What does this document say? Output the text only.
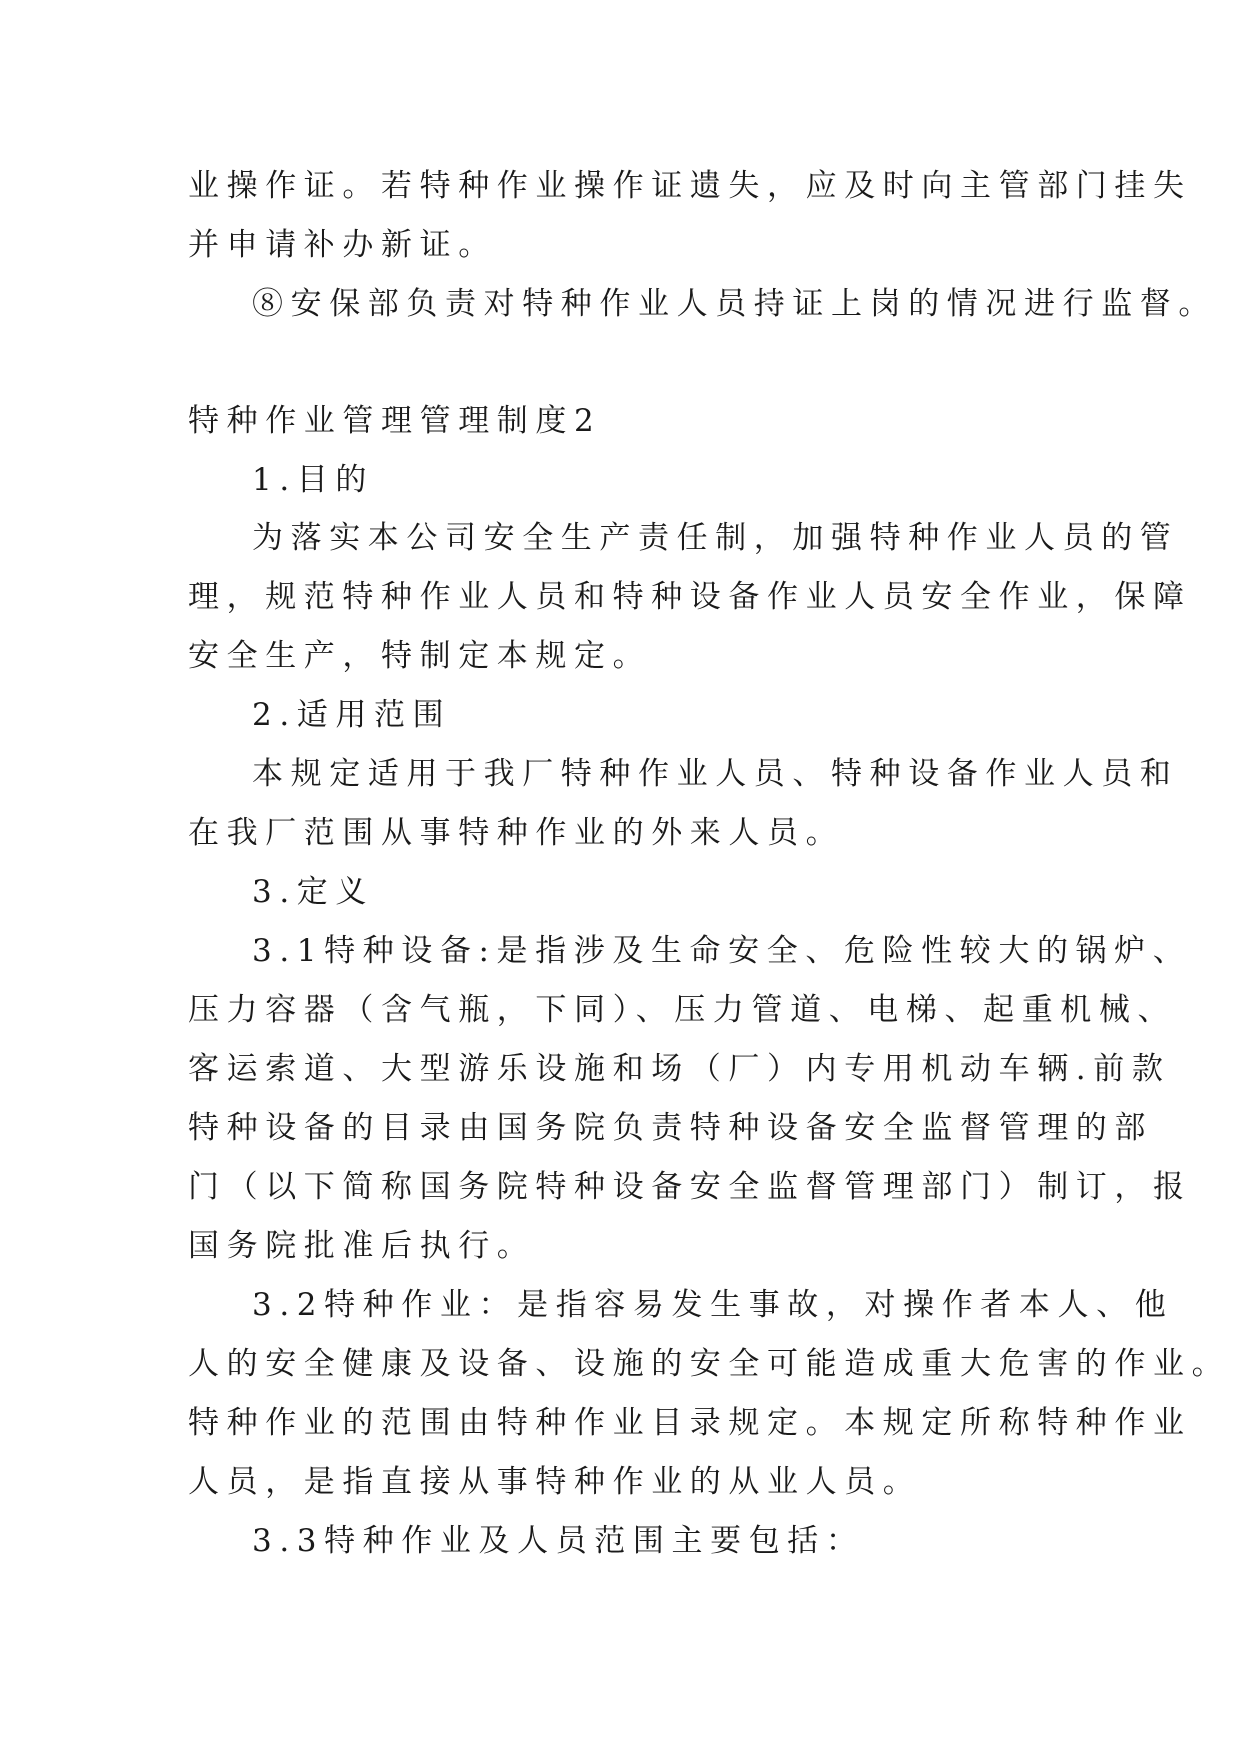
业操作证。若特种作业操作证遗失，应及时向主管部门挂失
并申请补办新证。
⑧安保部负责对特种作业人员持证上岗的情况进行监督。
特种作业管理管理制度2
1.目的
为落实本公司安全生产责任制，加强特种作业人员的管
理，规范特种作业人员和特种设备作业人员安全作业，保障
安全生产，特制定本规定。
2.适用范围
本规定适用于我厂特种作业人员、特种设备作业人员和
在我厂范围从事特种作业的外来人员。
3.定义
3.1特种设备:是指涉及生命安全、危险性较大的锅炉、
压力容器（含气瓶，下同）、压力管道、电梯、起重机械、
客运索道、大型游乐设施和场（厂）内专用机动车辆.前款
特种设备的目录由国务院负责特种设备安全监督管理的部
门（以下简称国务院特种设备安全监督管理部门）制订，报
国务院批准后执行。
3.2特种作业：是指容易发生事故，对操作者本人、他
人的安全健康及设备、设施的安全可能造成重大危害的作业。
特种作业的范围由特种作业目录规定。本规定所称特种作业
人员，是指直接从事特种作业的从业人员。
3.3特种作业及人员范围主要包括：
